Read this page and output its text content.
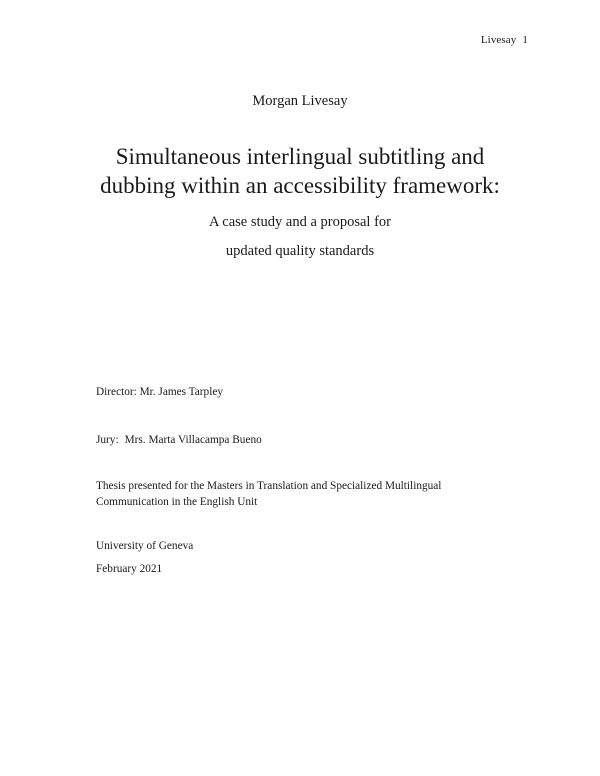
Livesay 1
Morgan Livesay
Simultaneous interlingual subtitling and
dubbing within an accessibility framework:
A case study and a proposal for
updated quality standards
Director: Mr. James Tarpley
Jury: Mrs. Marta Villacampa Bueno
Thesis presented for the Masters in Translation and Specialized Multilingual
Communication in the English Unit
University of Geneva
February 2021
